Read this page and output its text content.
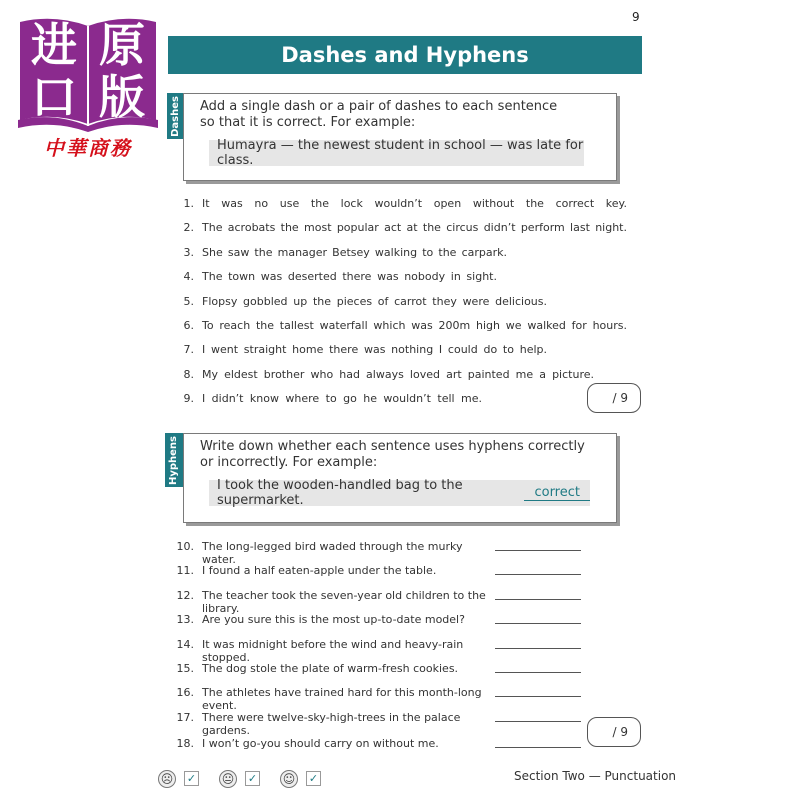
进 原
口 版
中華商務
9
Dashes and Hyphens
Dashes Add a single dash or a pair of dashes to each sentence
so that it is correct. For example:
Humayra — the newest student in school — was late for class.
1. It was no use the lock wouldn’t open without the correct key.
2. The acrobats the most popular act at the circus didn’t perform last night.
3. She saw the manager Betsey walking to the carpark.
4. The town was deserted there was nobody in sight.
5. Flopsy gobbled up the pieces of carrot they were delicious.
6. To reach the tallest waterfall which was 200m high we walked for hours.
7. I went straight home there was nothing I could do to help.
8. My eldest brother who had always loved art painted me a picture.
9. I didn’t know where to go he wouldn’t tell me.	/ 9
Hyphens Write down whether each sentence uses hyphens correctly
or incorrectly. For example:
I took the wooden-handled bag to the supermarket.
correct
10. The long-legged bird waded through the murky water.
11. I found a half eaten-apple under the table.
12. The teacher took the seven-year old children to the library.
13. Are you sure this is the most up-to-date model?
14. It was midnight before the wind and heavy-rain stopped.
15. The dog stole the plate of warm-fresh cookies.
16. The athletes have trained hard for this month-long event.
17. There were twelve-sky-high-trees in the palace gardens.
18. I won’t go-you should carry on without me.
/ 9
☹ ✓ 😐 ✓ ☺ ✓	Section Two — Punctuation
